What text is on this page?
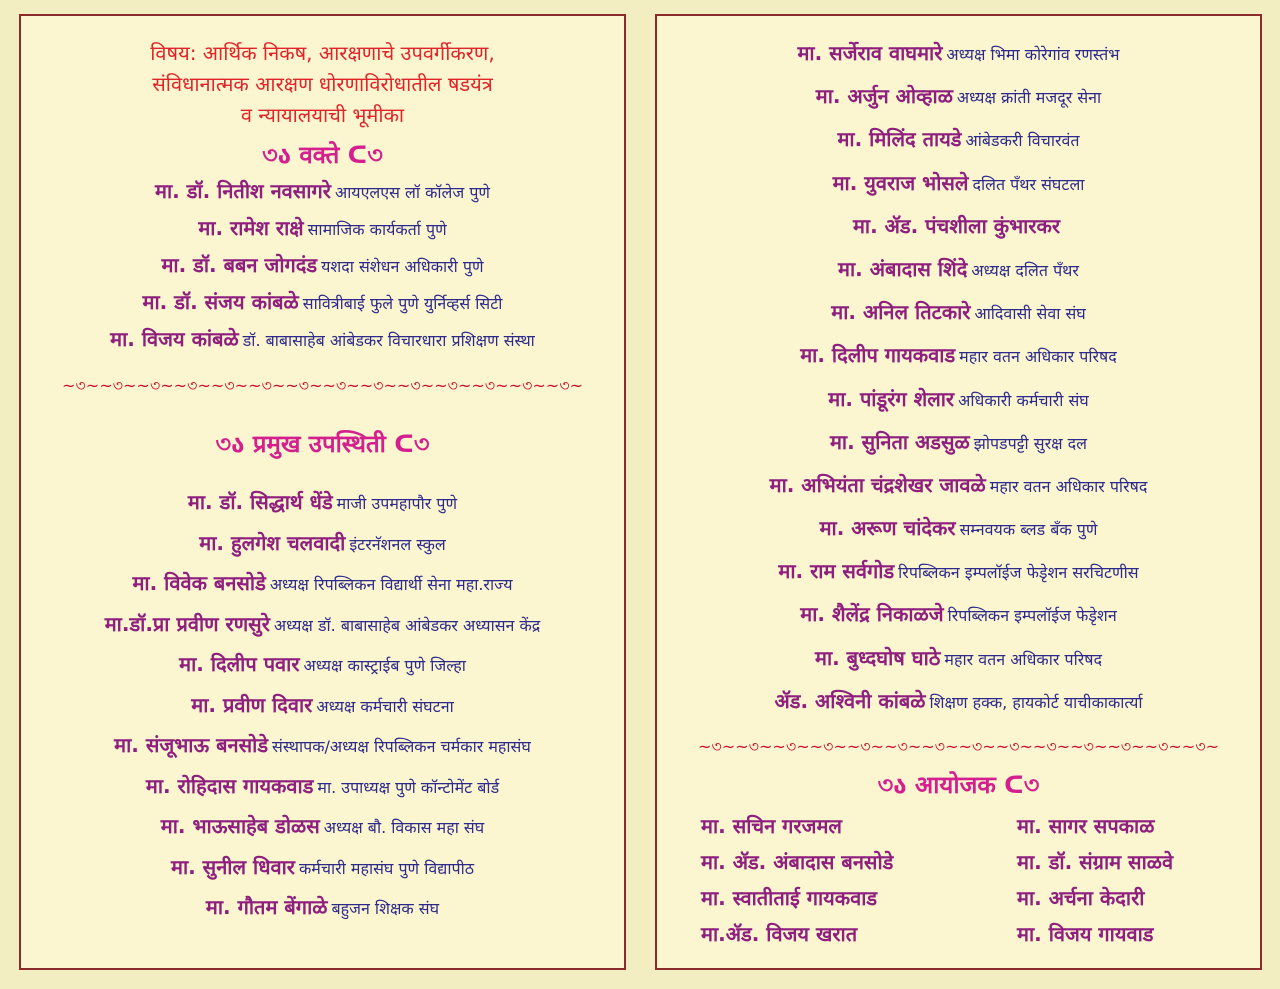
विषय: आर्थिक निकष, आरक्षणाचे उपवर्गीकरण,
संविधानात्मक आरक्षण धोरणाविरोधातील षडयंत्र
व न्यायालयाची भूमीका
৩ა वक्ते ᑕ৩
मा. डॉ. नितीश नवसागरे आयएलएस लॉ कॉलेज पुणे
मा. रामेश राक्षे सामाजिक कार्यकर्ता पुणे
मा. डॉ. बबन जोगदंड यशदा संशेधन अधिकारी पुणे
मा. डॉ. संजय कांबळे सावित्रीबाई फुले पुणे युर्निव्हर्स सिटी
मा. विजय कांबळे डॉ. बाबासाहेब आंबेडकर विचारधारा प्रशिक्षण संस्था
~৩~~৩~~৩~~৩~~৩~~৩~~৩~~৩~~৩~~৩~~৩~~৩~~৩~~৩~
৩ა प्रमुख उपस्थिती ᑕ৩
मा. डॉ. सिद्धार्थ धेंडे माजी उपमहापौर पुणे
मा. हुलगेश चलवादी इंटरनॅशनल स्कुल
मा. विवेक बनसोडे अध्यक्ष रिपब्लिकन विद्यार्थी सेना महा.राज्य
मा.डॉ.प्रा प्रवीण रणसुरे अध्यक्ष डॉ. बाबासाहेब आंबेडकर अध्यासन केंद्र
मा. दिलीप पवार अध्यक्ष कास्ट्राईब पुणे जिल्हा
मा. प्रवीण दिवार अध्यक्ष कर्मचारी संघटना
मा. संजूभाऊ बनसोडे संस्थापक/अध्यक्ष रिपब्लिकन चर्मकार महासंघ
मा. रोहिदास गायकवाड मा. उपाध्यक्ष पुणे कॉन्टोमेंट बोर्ड
मा. भाऊसाहेब डोळस अध्यक्ष बौ. विकास महा संघ
मा. सुनील धिवार कर्मचारी महासंघ पुणे विद्यापीठ
मा. गौतम बेंगाळे बहुजन शिक्षक संघ
मा. सर्जेराव वाघमारे अध्यक्ष भिमा कोरेगांव रणस्तंभ
मा. अर्जुन ओव्हाळ अध्यक्ष क्रांती मजदूर सेना
मा. मिलिंद तायडे आंबेडकरी विचारवंत
मा. युवराज भोसले दलित पॅंथर संघटला
मा. ॲड. पंचशीला कुंभारकर
मा. अंबादास शिंदे अध्यक्ष दलित पॅंथर
मा. अनिल तिटकारे आदिवासी सेवा संघ
मा. दिलीप गायकवाड महार वतन अधिकार परिषद
मा. पांडूरंग शेलार अधिकारी कर्मचारी संघ
मा. सुनिता अडसुळ झोपडपट्टी सुरक्ष दल
मा. अभियंता चंद्रशेखर जावळे महार वतन अधिकार परिषद
मा. अरूण चांदेकर सम्नवयक ब्लड बँक पुणे
मा. राम सर्वगोड रिपब्लिकन इम्पलॉईज फेडेृशन सरचिटणीस
मा. शैलेंद्र निकाळजे रिपब्लिकन इम्पलॉईज फेडेृशन
मा. बुध्दघोष घाठे महार वतन अधिकार परिषद
ॲड. अश्विनी कांबळे शिक्षण हक्क, हायकोर्ट याचीकाकार्त्या
~৩~~৩~~৩~~৩~~৩~~৩~~৩~~৩~~৩~~৩~~৩~~৩~~৩~~৩~
৩ა आयोजक ᑕ৩
मा. सचिन गरजमल	मा. सागर सपकाळ
मा. ॲड. अंबादास बनसोडे	मा. डॉ. संग्राम साळवे
मा. स्वातीताई गायकवाड	मा. अर्चना केदारी
मा.ॲड. विजय खरात	मा. विजय गायवाड
